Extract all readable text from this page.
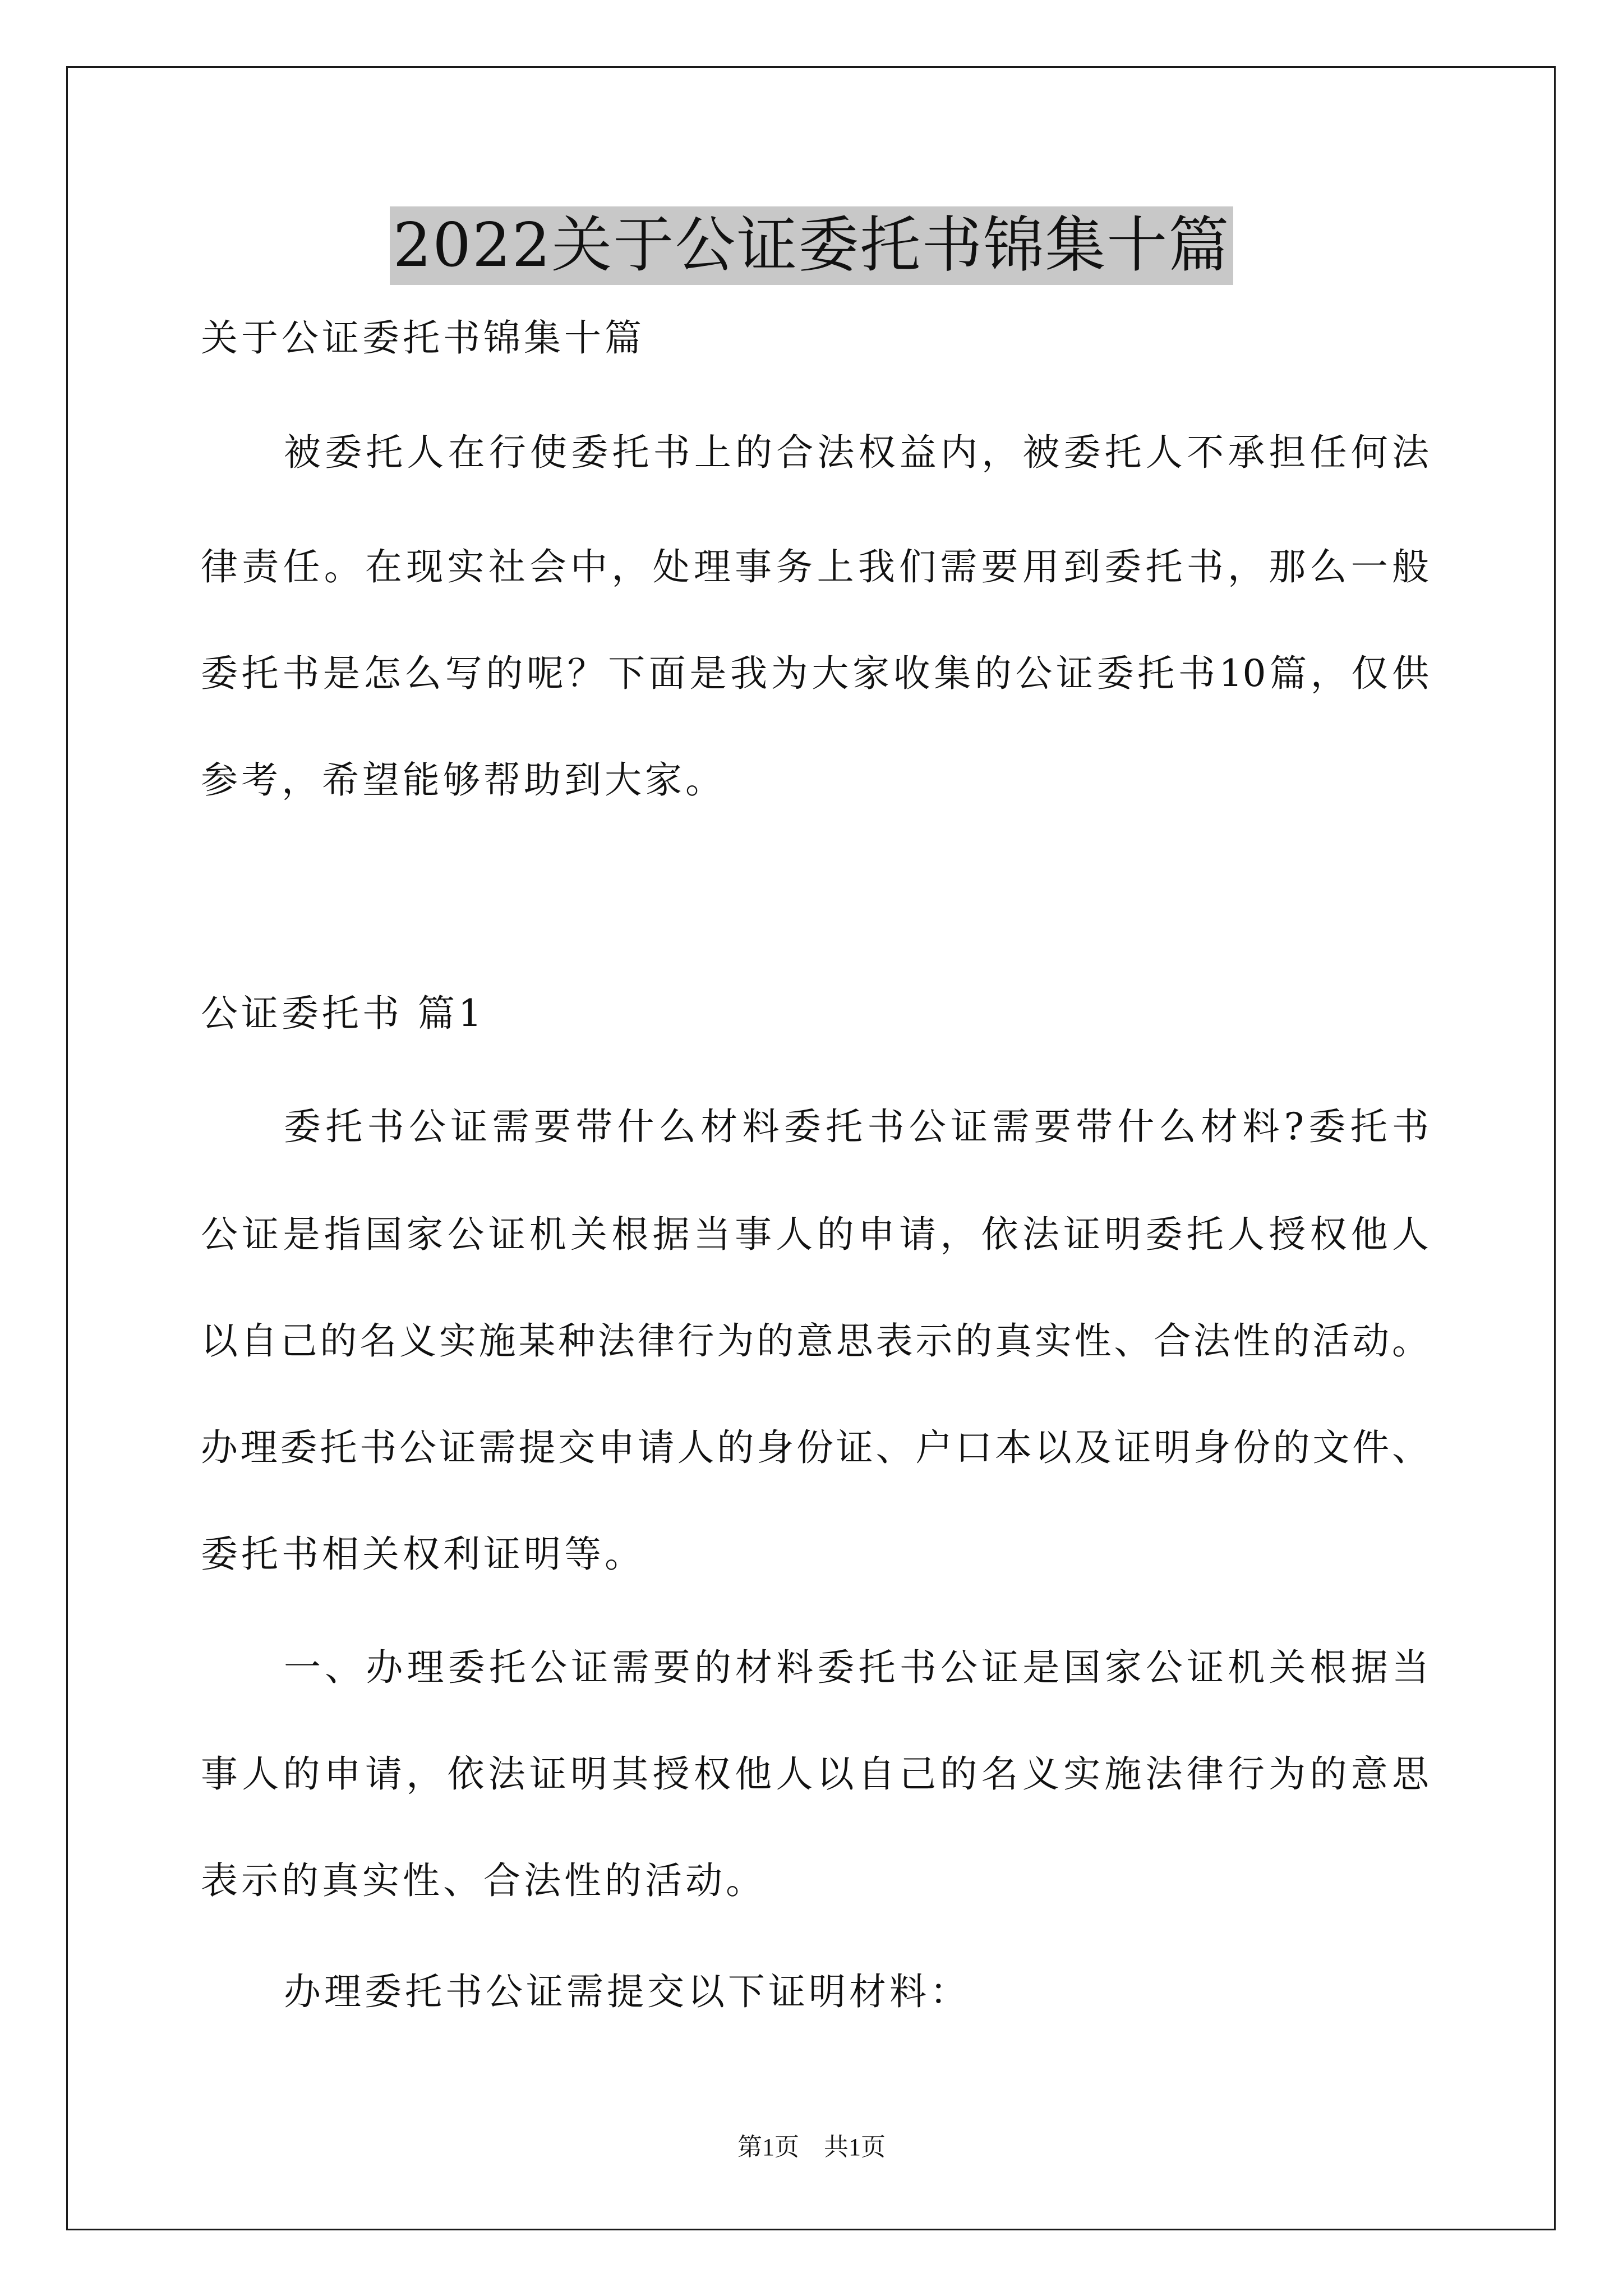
2022关于公证委托书锦集十篇
关于公证委托书锦集十篇
被委托人在行使委托书上的合法权益内，被委托人不承担任何法
律责任。在现实社会中，处理事务上我们需要用到委托书，那么一般
委托书是怎么写的呢？下面是我为大家收集的公证委托书10篇，仅供
参考，希望能够帮助到大家。
公证委托书 篇1
委托书公证需要带什么材料委托书公证需要带什么材料?委托书
公证是指国家公证机关根据当事人的申请，依法证明委托人授权他人
以自己的名义实施某种法律行为的意思表示的真实性、合法性的活动。
办理委托书公证需提交申请人的身份证、户口本以及证明身份的文件、
委托书相关权利证明等。
一、办理委托公证需要的材料委托书公证是国家公证机关根据当
事人的申请，依法证明其授权他人以自己的名义实施法律行为的意思
表示的真实性、合法性的活动。
办理委托书公证需提交以下证明材料：
第1页　共1页
